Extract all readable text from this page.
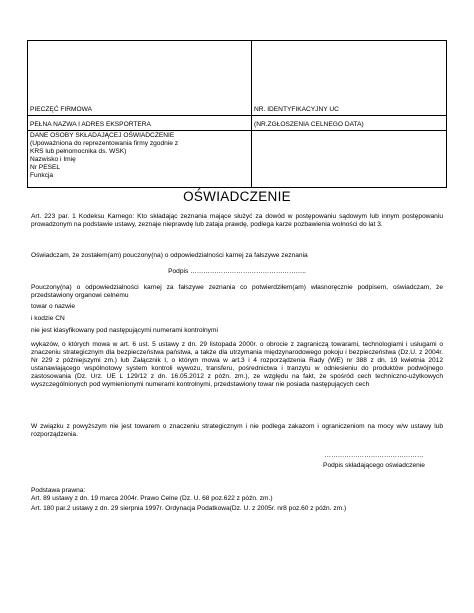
PIECZĘĆ FIRMOWA	NR. IDENTYFIKACYJNY UC
PEŁNA NAZWA I ADRES EKSPORTERA	(NR.ZGŁOSZENIA CELNEGO DATA)
DANE OSOBY SKŁADAJĄCEJ OŚWIADCZENIE
(Upoważniona do reprezentowania firmy zgodnie z
KRS lub pełnomocnika ds. WSK)
Nazwisko i Imię
Nr PESEL
Funkcja
OŚWIADCZENIE
Art. 223 par. 1 Kodeksu Karnego: Kto składając zeznania mające służyć za dowód w postępowaniu sądowym lub innym postępowaniu prowadzonym na podstawie ustawy, zeznaje nieprawdę lub zataja prawdę, podlega karze pozbawienia wolności do lat 3.
Oświadczam, że zostałem(am) pouczony(na) o odpowiedzialności karnej za fałszywe zeznania
Podpis ……………………………………………..
Pouczony(na) o odpowiedzialności karnej za fałszywe zeznania co potwierdziłem(am) własnoręcznie podpisem, oświadczam, że przedstawiony organowi celnemu
towar o nazwie
i kodzie CN
nie jest klasyfikowany pod następującymi numerami kontrolnymi
wykazów, o których mowa w art. 6 ust. 5 ustawy z dn. 29 listopada 2000r. o obrocie z zagraniczą towarami, technologiami i usługami o znaczeniu strategicznym dla bezpieczeństwa państwa, a także dla utrzymania międzynarodowego pokoju i bezpieczeństwa (Dz.U. z 2004r. Nr 229 z późniejszymi zm.) lub Załącznik I, o którym mowa w art.3 i 4 rozporządzenia Rady (WE) nr 388 z dn. 19 kwietnia 2012 ustanawiającego wspólnotowy system kontroli wywozu, transferu, pośrednictwa i tranzytu w odniesieniu do produktów podwójnego zastosowania (Dz. Urz. UE L 129/12 z dn. 16.05.2012 z późn. zm.), ze względu na fakt, że spośród cech techniczno-użytkowych wyszczególnionych pod wymienionymi numerami kontrolnymi, przedstawiony towar nie posiada następujących cech
W związku z powyższym nie jest towarem o znaczeniu strategicznym i nie podlega zakazom i ograniczeniom na mocy w/w ustawy lub rozporządzenia.
………………………………………
Podpis składającego oświadczenie
Podstawa prawna:
Art. 89 ustawy z dn. 19 marca 2004r. Prawo Celne (Dz. U. 68 poz.622 z późn. zm.)
Art. 180 par.2 ustawy z dn. 29 sierpnia 1997r. Ordynacja Podatkowa(Dz. U. z 2005r. nr8 poz.60 z późn. zm.)
